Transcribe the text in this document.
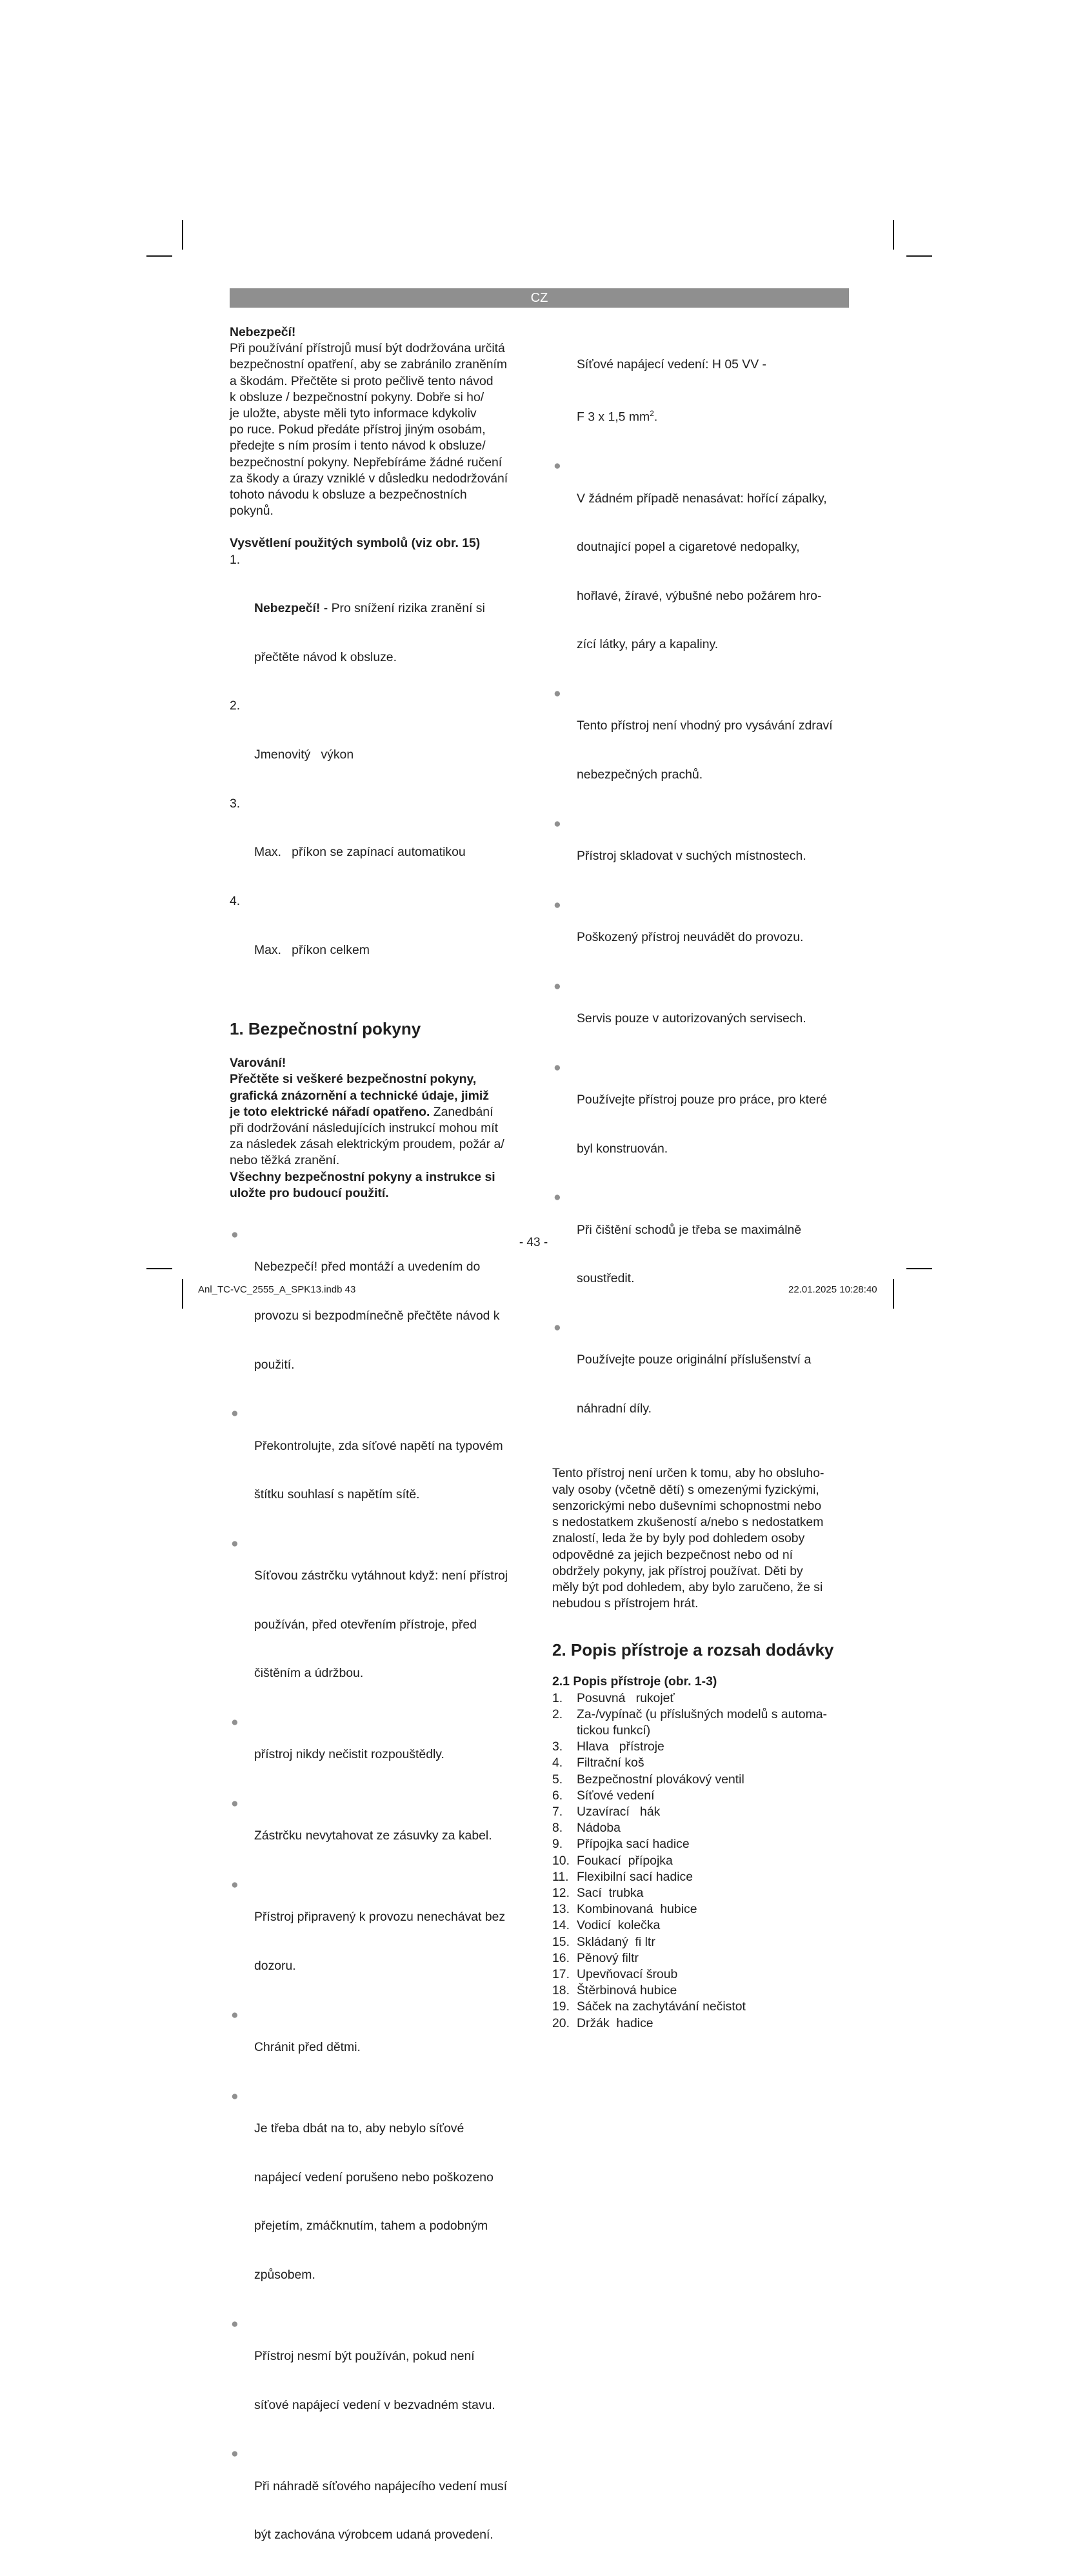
CZ
Nebezpečí!
Při používání přístrojů musí být dodržována určitá
bezpečnostní opatření, aby se zabránilo zraněním
a škodám. Přečtěte si proto pečlivě tento návod
k obsluze / bezpečnostní pokyny. Dobře si ho/
je uložte, abyste měli tyto informace kdykoliv
po ruce. Pokud předáte přístroj jiným osobám,
předejte s ním prosím i tento návod k obsluze/
bezpečnostní pokyny. Nepřebíráme žádné ručení
za škody a úrazy vzniklé v důsledku nedodržování
tohoto návodu k obsluze a bezpečnostních
pokynů.
Vysvětlení použitých symbolů (viz obr. 15)

1.

Nebezpečí! - Pro snížení rizika zranění si

přečtěte návod k obsluze.

2.

Jmenovitý   výkon

3.

Max.   příkon se zapínací automatikou

4.

Max.   příkon celkem

1. Bezpečnostní pokyny
Varování!
Přečtěte si veškeré bezpečnostní pokyny,
grafická znázornění a technické údaje, jimiž
je toto elektrické nářadí opatřeno. Zanedbání
při dodržování následujících instrukcí mohou mít
za následek zásah elektrickým proudem, požár a/
nebo těžká zranění.
Všechny bezpečnostní pokyny a instrukce si
uložte pro budoucí použití.
●

Nebezpečí! před montáží a uvedením do

provozu si bezpodmínečně přečtěte návod k

použití.

●

Překontrolujte, zda síťové napětí na typovém

štítku souhlasí s napětím sítě.

●

Síťovou zástrčku vytáhnout když: není přístroj

používán, před otevřením přístroje, před

čištěním a údržbou.

●

přístroj nikdy nečistit rozpouštědly.

●

Zástrčku nevytahovat ze zásuvky za kabel.

●

Přístroj připravený k provozu nenechávat bez

dozoru.

●

Chránit před dětmi.

●

Je třeba dbát na to, aby nebylo síťové

napájecí vedení porušeno nebo poškozeno

přejetím, zmáčknutím, tahem a podobným

způsobem.

●

Přístroj nesmí být používán, pokud není

síťové napájecí vedení v bezvadném stavu.

●

Při náhradě síťového napájecího vedení musí

být zachována výrobcem udaná provedení.

Síťové napájecí vedení: H 05 VV -

F 3 x 1,5 $mm^2$.

●

V žádném případě nenasávat: hořící zápalky,

doutnající popel a cigaretové nedopalky,

hořlavé, žíravé, výbušné nebo požárem hro-

zící látky, páry a kapaliny.

●

Tento přístroj není vhodný pro vysávání zdraví

nebezpečných prachů.

●

Přístroj skladovat v suchých místnostech.

●

Poškozený přístroj neuvádět do provozu.

●

Servis pouze v autorizovaných servisech.

●

Používejte přístroj pouze pro práce, pro které

byl konstruován.

●

Při čištění schodů je třeba se maximálně

soustředit.

●

Používejte pouze originální příslušenství a

náhradní díly.

Tento přístroj není určen k tomu, aby ho obsluho-
valy osoby (včetně dětí) s omezenými fyzickými,
senzorickými nebo duševními schopnostmi nebo
s nedostatkem zkušeností a/nebo s nedostatkem
znalostí, leda že by byly pod dohledem osoby
odpovědné za jejich bezpečnost nebo od ní
obdržely pokyny, jak přístroj používat. Děti by
měly být pod dohledem, aby bylo zaručeno, že si
nebudou s přístrojem hrát.
2. Popis přístroje a rozsah dodávky
2.1 Popis přístroje (obr. 1-3)
1. Posuvná   rukojeť
2. Za-/vypínač (u příslušných modelů s automa-
tickou funkcí)
3. Hlava   přístroje
4. Filtrační koš
5. Bezpečnostní plovákový ventil
6. Síťové vedení
7. Uzavírací   hák
8. Nádoba
9. Přípojka sací hadice
10. Foukací  přípojka
11. Flexibilní sací hadice
12. Sací  trubka
13. Kombinovaná  hubice
14. Vodicí  kolečka
15. Skládaný  fi ltr
16. Pěnový filtr
17. Upevňovací šroub
18. Štěrbinová hubice
19. Sáček na zachytávání nečistot
20. Držák  hadice
- 43 -
Anl_TC-VC_2555_A_SPK13.indb 43	22.01.2025 10:28:40
